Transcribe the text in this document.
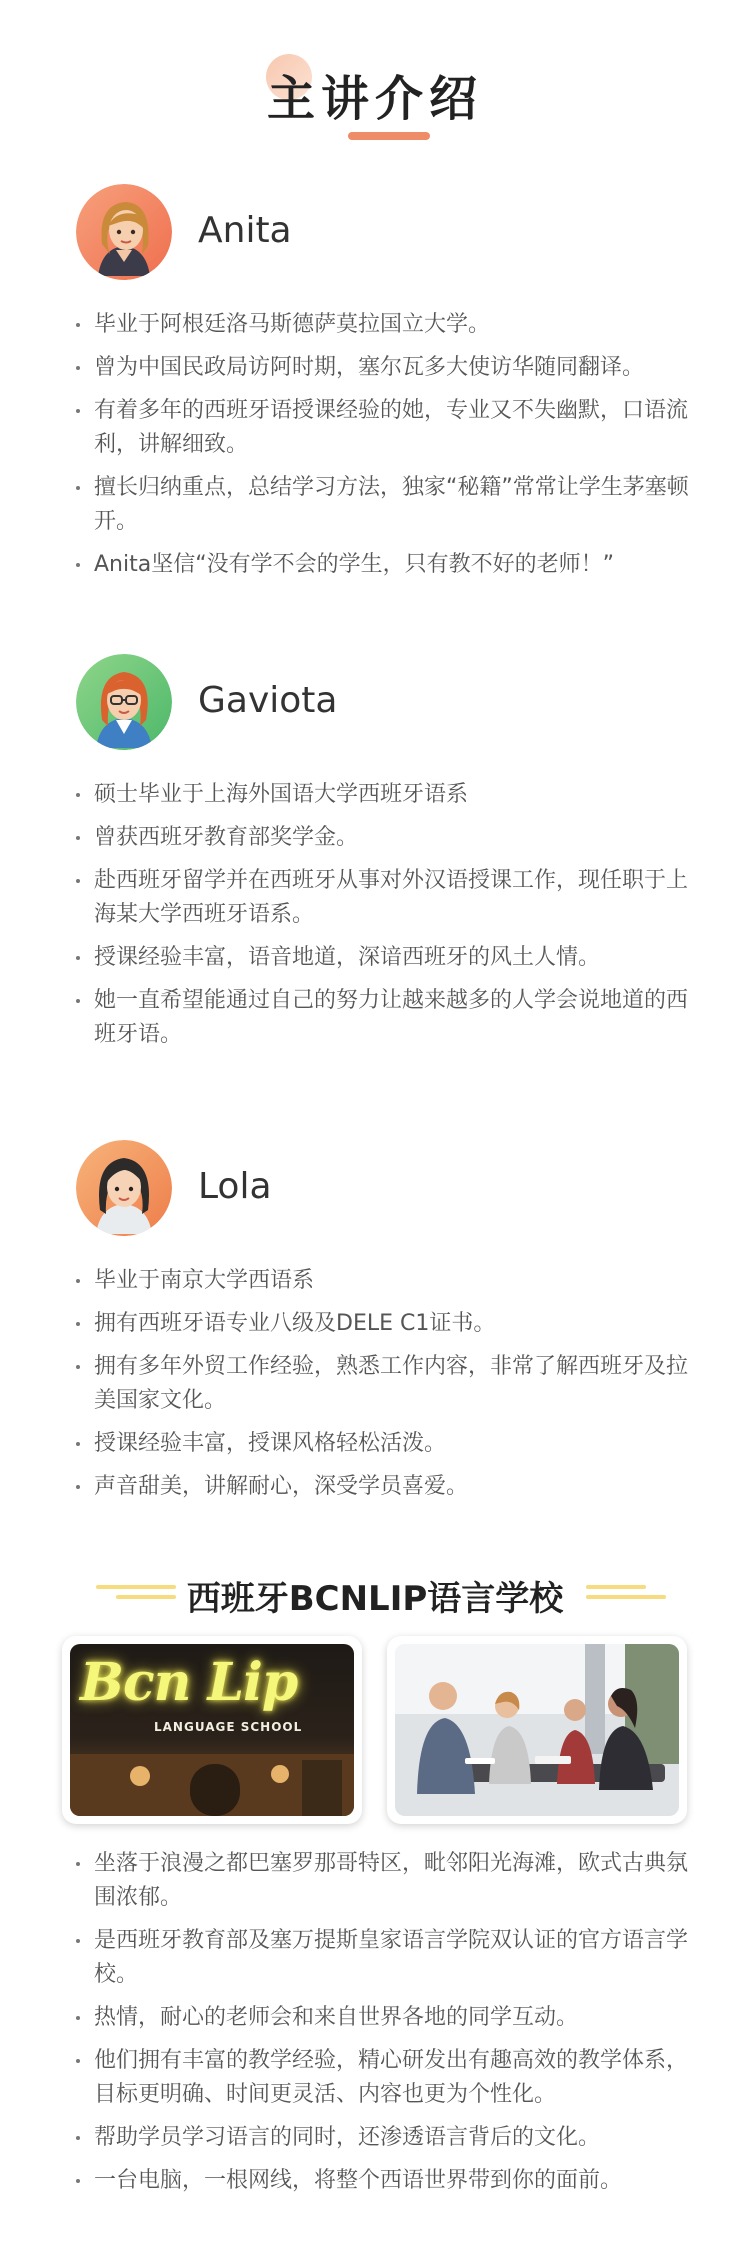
主讲介绍
Anita
毕业于阿根廷洛马斯德萨莫拉国立大学。
曾为中国民政局访阿时期，塞尔瓦多大使访华随同翻译。
有着多年的西班牙语授课经验的她，专业又不失幽默，口语流利，讲解细致。
擅长归纳重点，总结学习方法，独家“秘籍”常常让学生茅塞顿开。
Anita坚信“没有学不会的学生，只有教不好的老师！”
Gaviota
硕士毕业于上海外国语大学西班牙语系
曾获西班牙教育部奖学金。
赴西班牙留学并在西班牙从事对外汉语授课工作，现任职于上海某大学西班牙语系。
授课经验丰富，语音地道，深谙西班牙的风土人情。
她一直希望能通过自己的努力让越来越多的人学会说地道的西班牙语。
Lola
毕业于南京大学西语系
拥有西班牙语专业八级及DELE C1证书。
拥有多年外贸工作经验，熟悉工作内容，非常了解西班牙及拉美国家文化。
授课经验丰富，授课风格轻松活泼。
声音甜美，讲解耐心，深受学员喜爱。
西班牙BCNLIP语言学校
Bcn Lip
LANGUAGE SCHOOL
坐落于浪漫之都巴塞罗那哥特区，毗邻阳光海滩，欧式古典氛围浓郁。
是西班牙教育部及塞万提斯皇家语言学院双认证的官方语言学校。
热情，耐心的老师会和来自世界各地的同学互动。
他们拥有丰富的教学经验，精心研发出有趣高效的教学体系，目标更明确、时间更灵活、内容也更为个性化。
帮助学员学习语言的同时，还渗透语言背后的文化。
一台电脑，一根网线，将整个西语世界带到你的面前。
